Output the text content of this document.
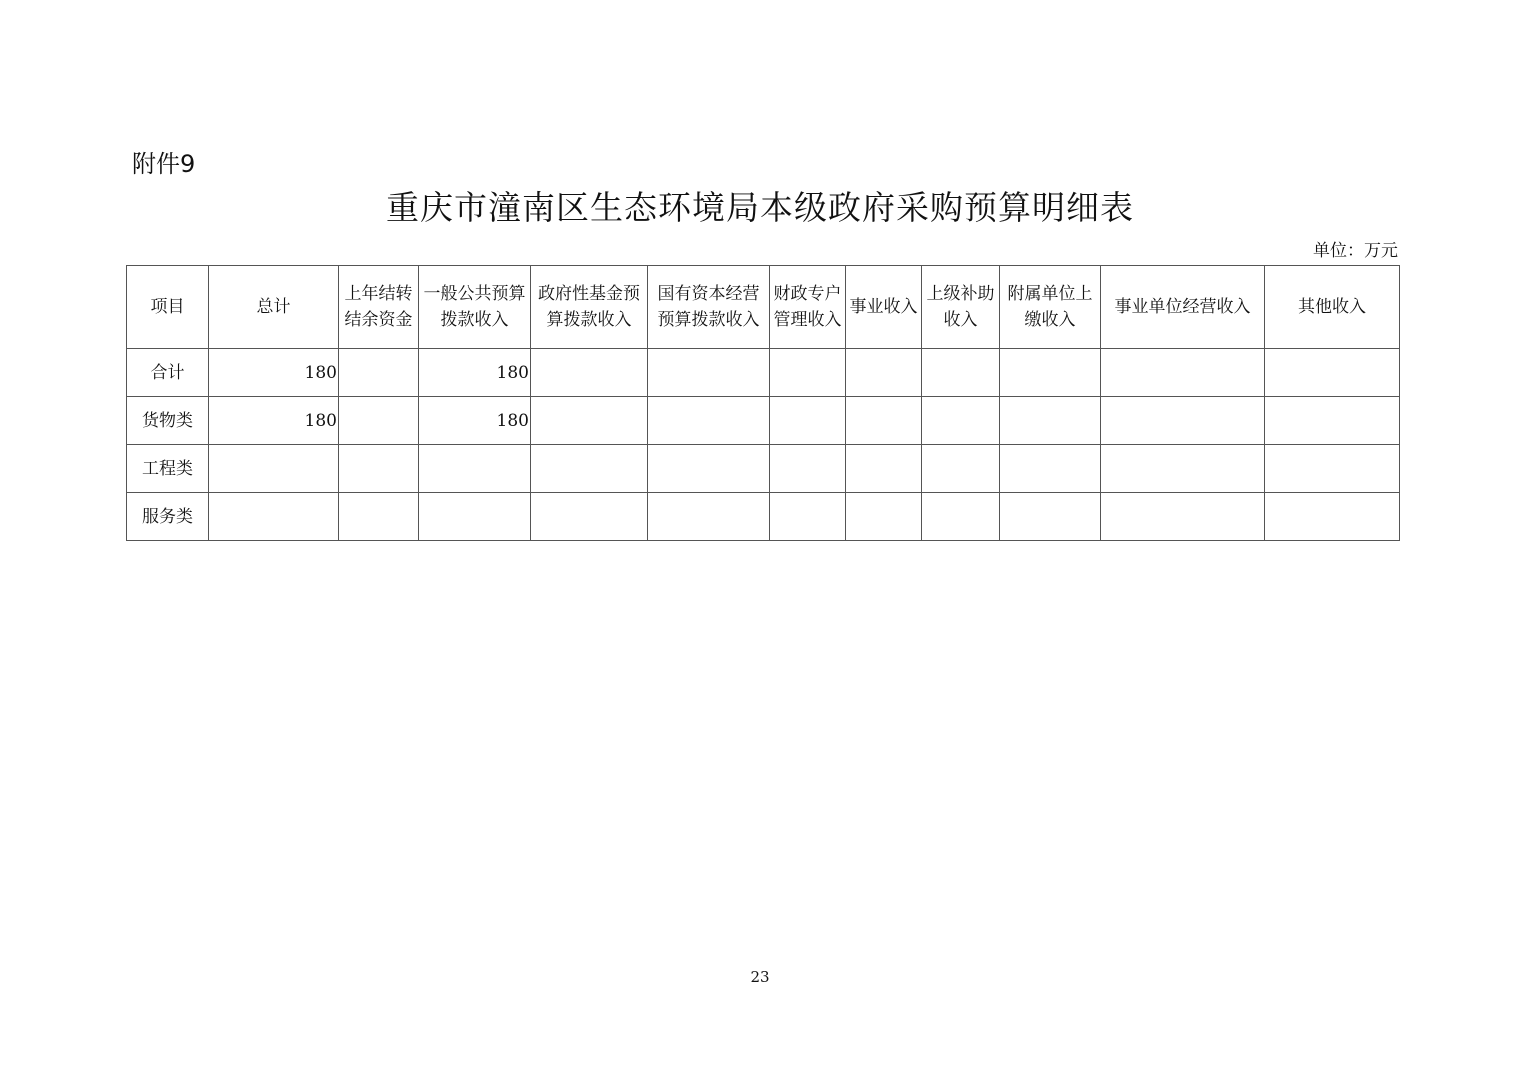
附件9
重庆市潼南区生态环境局本级政府采购预算明细表
单位：万元
项目	总计	上年结转结余资金	一般公共预算拨款收入	政府性基金预算拨款收入	国有资本经营预算拨款收入	财政专户管理收入	事业收入	上级补助收入	附属单位上缴收入	事业单位经营收入	其他收入
合计	180		180								
货物类	180		180								
工程类											
服务类											
23
